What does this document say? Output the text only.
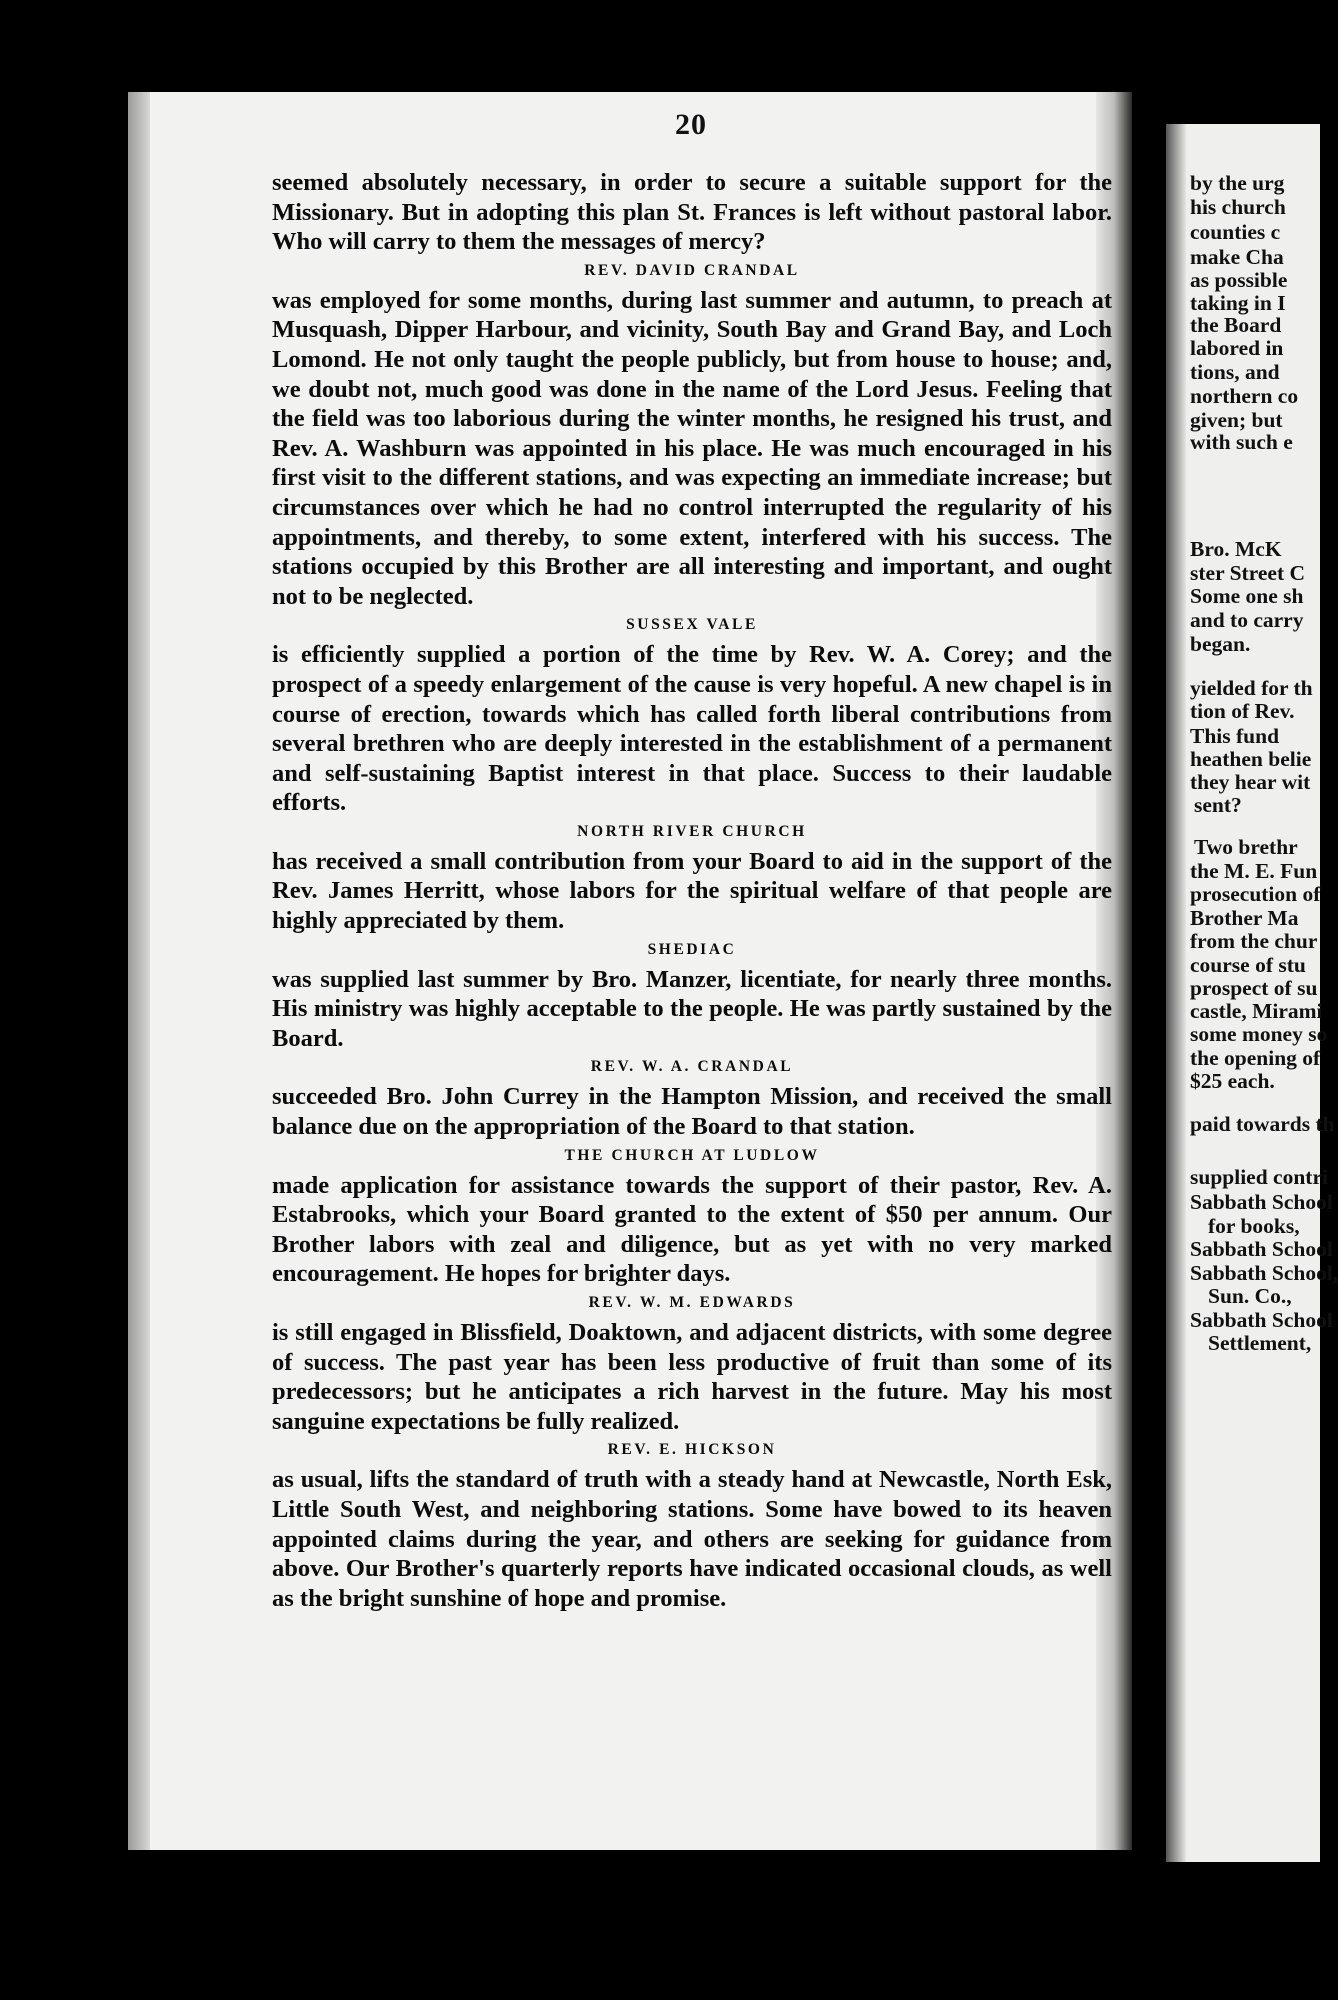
20

seemed absolutely necessary, in order to secure a suitable support for the Missionary. But in adopting this plan St. Frances is left without pastoral labor. Who will carry to them the messages of mercy?

REV. DAVID CRANDAL

was employed for some months, during last summer and autumn, to preach at Musquash, Dipper Harbour, and vicinity, South Bay and Grand Bay, and Loch Lomond. He not only taught the people publicly, but from house to house; and, we doubt not, much good was done in the name of the Lord Jesus. Feeling that the field was too laborious during the winter months, he resigned his trust, and Rev. A. Washburn was appointed in his place. He was much encouraged in his first visit to the different stations, and was expecting an immediate increase; but circumstances over which he had no control interrupted the regularity of his appointments, and thereby, to some extent, interfered with his success. The stations occupied by this Brother are all interesting and important, and ought not to be neglected.

SUSSEX VALE

is efficiently supplied a portion of the time by Rev. W. A. Corey; and the prospect of a speedy enlargement of the cause is very hopeful. A new chapel is in course of erection, towards which has called forth liberal contributions from several brethren who are deeply interested in the establishment of a permanent and self-sustaining Baptist interest in that place. Success to their laudable efforts.

NORTH RIVER CHURCH

has received a small contribution from your Board to aid in the support of the Rev. James Herritt, whose labors for the spiritual welfare of that people are highly appreciated by them.

SHEDIAC

was supplied last summer by Bro. Manzer, licentiate, for nearly three months. His ministry was highly acceptable to the people. He was partly sustained by the Board.

REV. W. A. CRANDAL

succeeded Bro. John Currey in the Hampton Mission, and received the small balance due on the appropriation of the Board to that station.

THE CHURCH AT LUDLOW

made application for assistance towards the support of their pastor, Rev. A. Estabrooks, which your Board granted to the extent of $50 per annum. Our Brother labors with zeal and diligence, but as yet with no very marked encouragement. He hopes for brighter days.

REV. W. M. EDWARDS

is still engaged in Blissfield, Doaktown, and adjacent districts, with some degree of success. The past year has been less productive of fruit than some of its predecessors; but he anticipates a rich harvest in the future. May his most sanguine expectations be fully realized.

REV. E. HICKSON

as usual, lifts the standard of truth with a steady hand at Newcastle, North Esk, Little South West, and neighboring stations. Some have bowed to its heaven appointed claims during the year, and others are seeking for guidance from above. Our Brother's quarterly reports have indicated occasional clouds, as well as the bright sunshine of hope and promise.

by the urg
his church
counties c
make Cha
as possible
taking in I
the Board
labored in
tions, and
northern co
given; but
with such e
Bro. McK
ster Street C
Some one sh
and to carry
began.
yielded for th
tion of Rev.
This fund
heathen belie
they hear wit
sent?
Two brethr
the M. E. Fun
prosecution of
Brother Ma
from the chur
course of stu
prospect of su
castle, Mirami
some money so
the opening of
$25 each.
paid towards th
supplied contri
Sabbath School
for books,
Sabbath School
Sabbath School,
Sun. Co.,
Sabbath School
Settlement,
